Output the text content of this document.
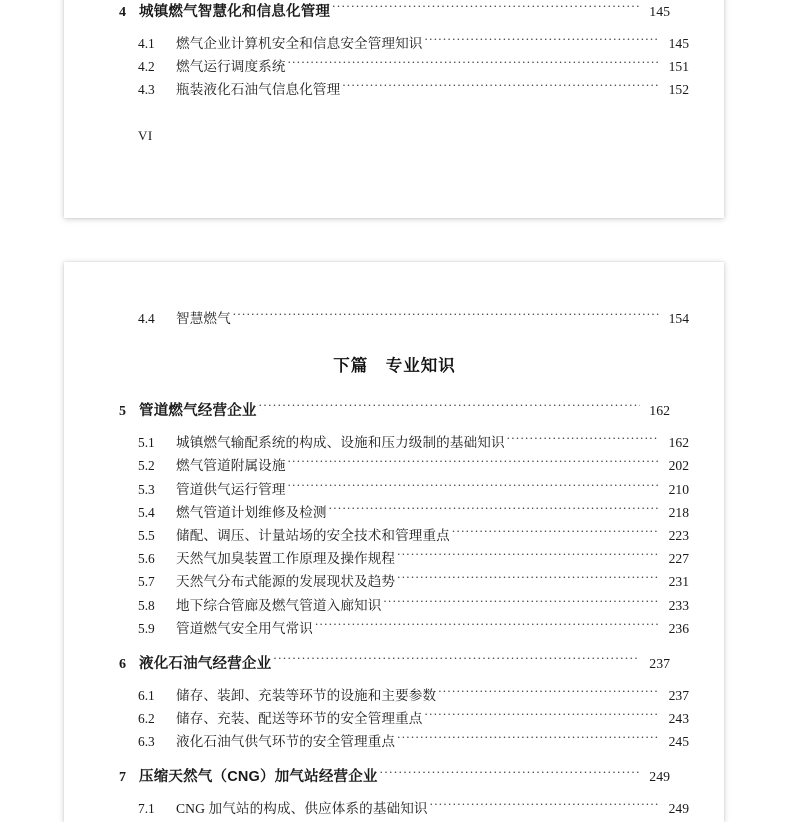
4 城镇燃气智慧化和信息化管理 .....	145
4.1	燃气企业计算机安全和信息安全管理知识 .....	145
4.2	燃气运行调度系统 .....	151
4.3	瓶装液化石油气信息化管理 .....	152
VI
4.4	智慧燃气 .....	154
下篇　专业知识
5 管道燃气经营企业 .....	162
5.1	城镇燃气输配系统的构成、设施和压力级制的基础知识 .....	162
5.2	燃气管道附属设施 .....	202
5.3	管道供气运行管理 .....	210
5.4	燃气管道计划维修及检测 .....	218
5.5	储配、调压、计量站场的安全技术和管理重点 .....	223
5.6	天然气加臭装置工作原理及操作规程 .....	227
5.7	天然气分布式能源的发展现状及趋势 .....	231
5.8	地下综合管廊及燃气管道入廊知识 .....	233
5.9	管道燃气安全用气常识 .....	236
6 液化石油气经营企业 .....	237
6.1	储存、装卸、充装等环节的设施和主要参数 .....	237
6.2	储存、充装、配送等环节的安全管理重点 .....	243
6.3	液化石油气供气环节的安全管理重点 .....	245
7 压缩天然气（CNG）加气站经营企业 .....	249
7.1	CNG 加气站的构成、供应体系的基础知识 .....	249
